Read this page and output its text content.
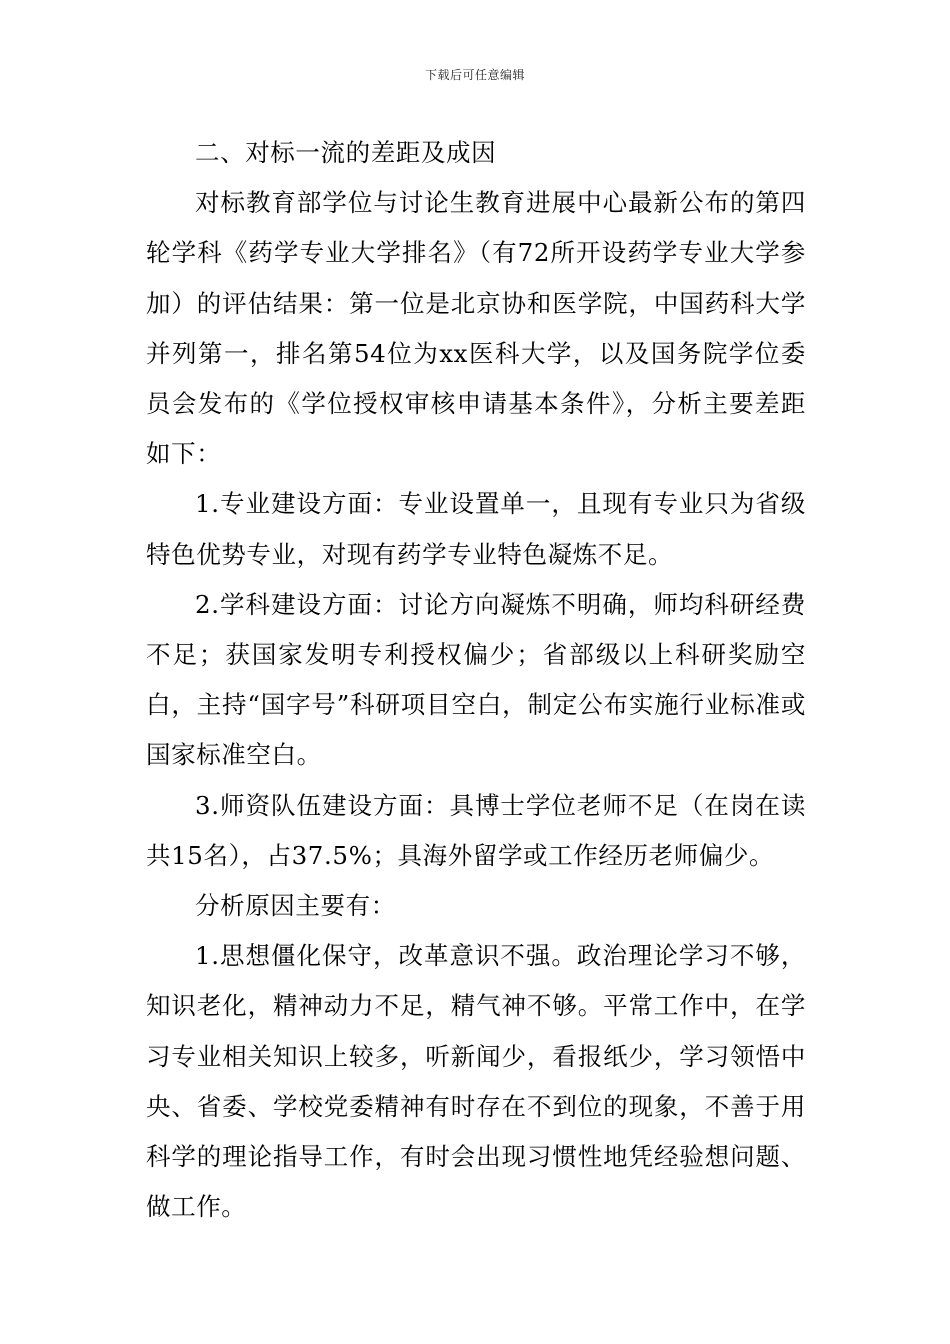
下载后可任意编辑

二、对标一流的差距及成因

对标教育部学位与讨论生教育进展中心最新公布的第四轮学科《药学专业大学排名》（有72所开设药学专业大学参加）的评估结果：第一位是北京协和医学院，中国药科大学并列第一，排名第54位为xx医科大学，以及国务院学位委员会发布的《学位授权审核申请基本条件》，分析主要差距如下：

1.专业建设方面：专业设置单一，且现有专业只为省级特色优势专业，对现有药学专业特色凝炼不足。

2.学科建设方面：讨论方向凝炼不明确，师均科研经费不足；获国家发明专利授权偏少；省部级以上科研奖励空白，主持“国字号”科研项目空白，制定公布实施行业标准或国家标准空白。

3.师资队伍建设方面：具博士学位老师不足（在岗在读共15名），占37.5%；具海外留学或工作经历老师偏少。

分析原因主要有：

1.思想僵化保守，改革意识不强。政治理论学习不够，知识老化，精神动力不足，精气神不够。平常工作中，在学习专业相关知识上较多，听新闻少，看报纸少，学习领悟中央、省委、学校党委精神有时存在不到位的现象，不善于用科学的理论指导工作，有时会出现习惯性地凭经验想问题、做工作。
